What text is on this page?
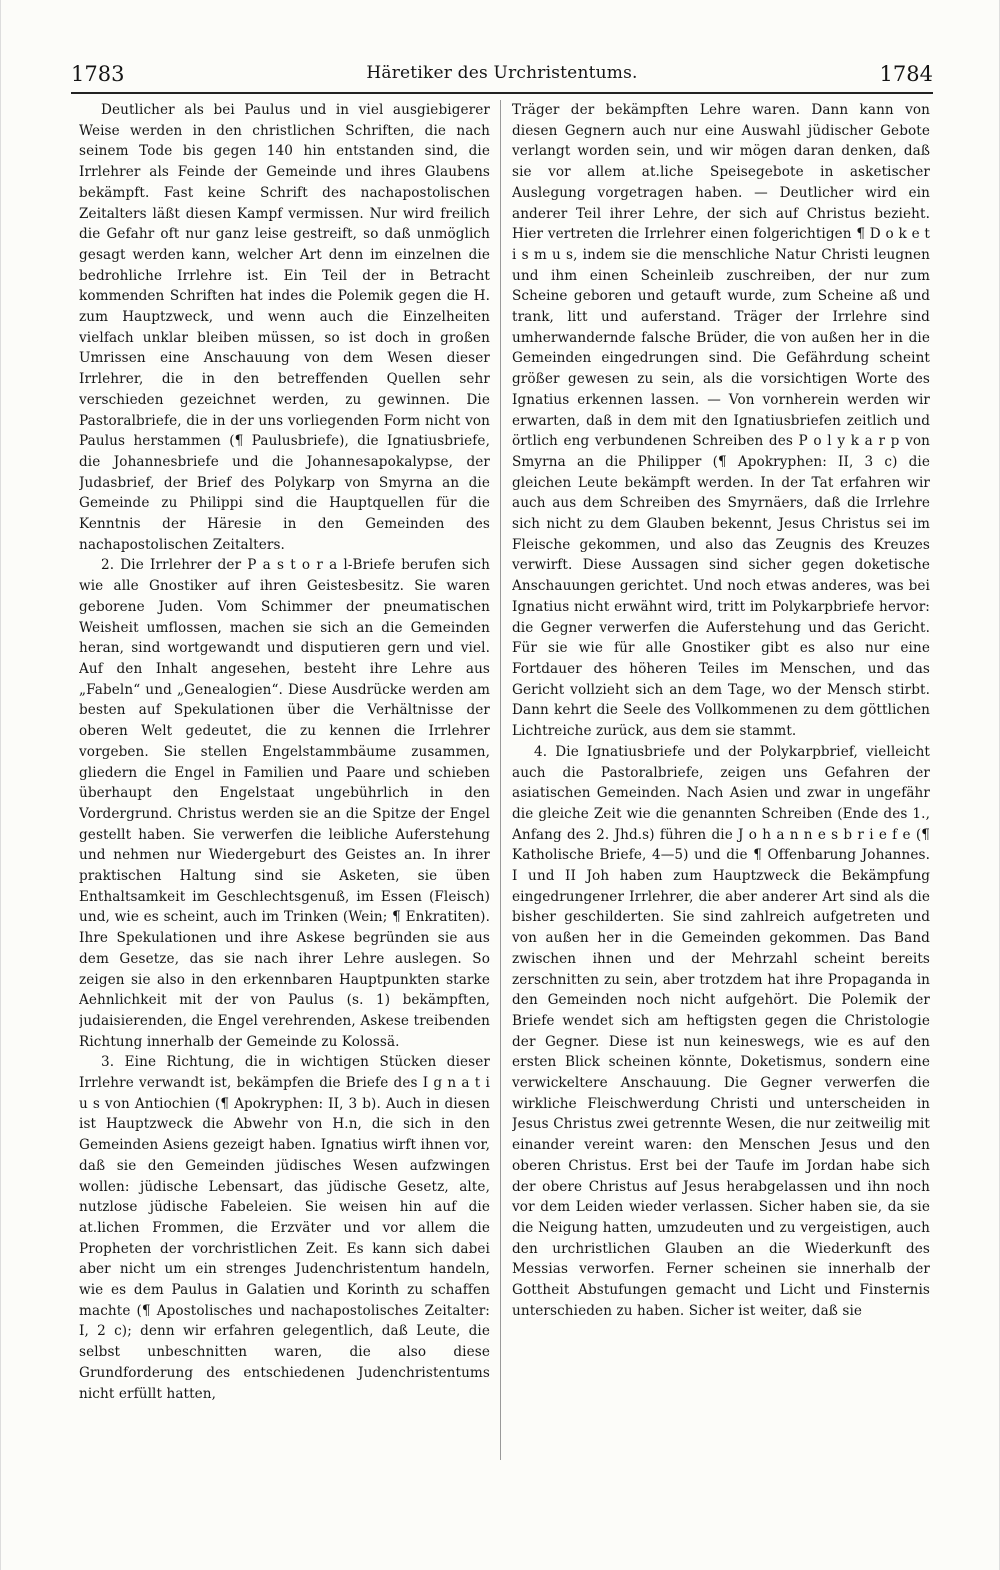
1783	Häretiker des Urchristentums.	1784

Deutlicher als bei Paulus und in viel ausgiebigerer Weise werden in den christlichen Schriften, die nach seinem Tode bis gegen 140 hin entstanden sind, die Irrlehrer als Feinde der Gemeinde und ihres Glaubens bekämpft. Fast keine Schrift des nachapostolischen Zeitalters läßt diesen Kampf vermissen. Nur wird freilich die Gefahr oft nur ganz leise gestreift, so daß unmöglich gesagt werden kann, welcher Art denn im einzelnen die bedrohliche Irrlehre ist. Ein Teil der in Betracht kommenden Schriften hat indes die Polemik gegen die H. zum Hauptzweck, und wenn auch die Einzelheiten vielfach unklar bleiben müssen, so ist doch in großen Umrissen eine Anschauung von dem Wesen dieser Irrlehrer, die in den betreffenden Quellen sehr verschieden gezeichnet werden, zu gewinnen. Die Pastoralbriefe, die in der uns vorliegenden Form nicht von Paulus herstammen (¶ Paulusbriefe), die Ignatiusbriefe, die Johannesbriefe und die Johannesapokalypse, der Judasbrief, der Brief des Polykarp von Smyrna an die Gemeinde zu Philippi sind die Hauptquellen für die Kenntnis der Häresie in den Gemeinden des nachapostolischen Zeitalters.

2. Die Irrlehrer der P a s t o r a l-Briefe berufen sich wie alle Gnostiker auf ihren Geistesbesitz. Sie waren geborene Juden. Vom Schimmer der pneumatischen Weisheit umflossen, machen sie sich an die Gemeinden heran, sind wortgewandt und disputieren gern und viel. Auf den Inhalt angesehen, besteht ihre Lehre aus „Fabeln“ und „Genealogien“. Diese Ausdrücke werden am besten auf Spekulationen über die Verhältnisse der oberen Welt gedeutet, die zu kennen die Irrlehrer vorgeben. Sie stellen Engelstammbäume zusammen, gliedern die Engel in Familien und Paare und schieben überhaupt den Engelstaat ungebührlich in den Vordergrund. Christus werden sie an die Spitze der Engel gestellt haben. Sie verwerfen die leibliche Auferstehung und nehmen nur Wiedergeburt des Geistes an. In ihrer praktischen Haltung sind sie Asketen, sie üben Enthaltsamkeit im Geschlechtsgenuß, im Essen (Fleisch) und, wie es scheint, auch im Trinken (Wein; ¶ Enkratiten). Ihre Spekulationen und ihre Askese begründen sie aus dem Gesetze, das sie nach ihrer Lehre auslegen. So zeigen sie also in den erkennbaren Hauptpunkten starke Aehnlichkeit mit der von Paulus (s. 1) bekämpften, judaisierenden, die Engel verehrenden, Askese treibenden Richtung innerhalb der Gemeinde zu Kolossä.

3. Eine Richtung, die in wichtigen Stücken dieser Irrlehre verwandt ist, bekämpfen die Briefe des I g n a t i u s von Antiochien (¶ Apokryphen: II, 3 b). Auch in diesen ist Hauptzweck die Abwehr von H.n, die sich in den Gemeinden Asiens gezeigt haben. Ignatius wirft ihnen vor, daß sie den Gemeinden jüdisches Wesen aufzwingen wollen: jüdische Lebensart, das jüdische Gesetz, alte, nutzlose jüdische Fabeleien. Sie weisen hin auf die at.lichen Frommen, die Erzväter und vor allem die Propheten der vorchristlichen Zeit. Es kann sich dabei aber nicht um ein strenges Judenchristentum handeln, wie es dem Paulus in Galatien und Korinth zu schaffen machte (¶ Apostolisches und nachapostolisches Zeitalter: I, 2 c); denn wir erfahren gelegentlich, daß Leute, die selbst unbeschnitten waren, die also diese Grundforderung des entschiedenen Judenchristentums nicht erfüllt hatten,

Träger der bekämpften Lehre waren. Dann kann von diesen Gegnern auch nur eine Auswahl jüdischer Gebote verlangt worden sein, und wir mögen daran denken, daß sie vor allem at.liche Speisegebote in asketischer Auslegung vorgetragen haben. — Deutlicher wird ein anderer Teil ihrer Lehre, der sich auf Christus bezieht. Hier vertreten die Irrlehrer einen folgerichtigen ¶ D o k e t i s m u s, indem sie die menschliche Natur Christi leugnen und ihm einen Scheinleib zuschreiben, der nur zum Scheine geboren und getauft wurde, zum Scheine aß und trank, litt und auferstand. Träger der Irrlehre sind umherwandernde falsche Brüder, die von außen her in die Gemeinden eingedrungen sind. Die Gefährdung scheint größer gewesen zu sein, als die vorsichtigen Worte des Ignatius erkennen lassen. — Von vornherein werden wir erwarten, daß in dem mit den Ignatiusbriefen zeitlich und örtlich eng verbundenen Schreiben des P o l y k a r p von Smyrna an die Philipper (¶ Apokryphen: II, 3 c) die gleichen Leute bekämpft werden. In der Tat erfahren wir auch aus dem Schreiben des Smyrnäers, daß die Irrlehre sich nicht zu dem Glauben bekennt, Jesus Christus sei im Fleische gekommen, und also das Zeugnis des Kreuzes verwirft. Diese Aussagen sind sicher gegen doketische Anschauungen gerichtet. Und noch etwas anderes, was bei Ignatius nicht erwähnt wird, tritt im Polykarpbriefe hervor: die Gegner verwerfen die Auferstehung und das Gericht. Für sie wie für alle Gnostiker gibt es also nur eine Fortdauer des höheren Teiles im Menschen, und das Gericht vollzieht sich an dem Tage, wo der Mensch stirbt. Dann kehrt die Seele des Vollkommenen zu dem göttlichen Lichtreiche zurück, aus dem sie stammt.

4. Die Ignatiusbriefe und der Polykarpbrief, vielleicht auch die Pastoralbriefe, zeigen uns Gefahren der asiatischen Gemeinden. Nach Asien und zwar in ungefähr die gleiche Zeit wie die genannten Schreiben (Ende des 1., Anfang des 2. Jhd.s) führen die J o h a n n e s b r i e f e (¶ Katholische Briefe, 4—5) und die ¶ Offenbarung Johannes. I und II Joh haben zum Hauptzweck die Bekämpfung eingedrungener Irrlehrer, die aber anderer Art sind als die bisher geschilderten. Sie sind zahlreich aufgetreten und von außen her in die Gemeinden gekommen. Das Band zwischen ihnen und der Mehrzahl scheint bereits zerschnitten zu sein, aber trotzdem hat ihre Propaganda in den Gemeinden noch nicht aufgehört. Die Polemik der Briefe wendet sich am heftigsten gegen die Christologie der Gegner. Diese ist nun keineswegs, wie es auf den ersten Blick scheinen könnte, Doketismus, sondern eine verwickeltere Anschauung. Die Gegner verwerfen die wirkliche Fleischwerdung Christi und unterscheiden in Jesus Christus zwei getrennte Wesen, die nur zeitweilig mit einander vereint waren: den Menschen Jesus und den oberen Christus. Erst bei der Taufe im Jordan habe sich der obere Christus auf Jesus herabgelassen und ihn noch vor dem Leiden wieder verlassen. Sicher haben sie, da sie die Neigung hatten, umzudeuten und zu vergeistigen, auch den urchristlichen Glauben an die Wiederkunft des Messias verworfen. Ferner scheinen sie innerhalb der Gottheit Abstufungen gemacht und Licht und Finsternis unterschieden zu haben. Sicher ist weiter, daß sie
